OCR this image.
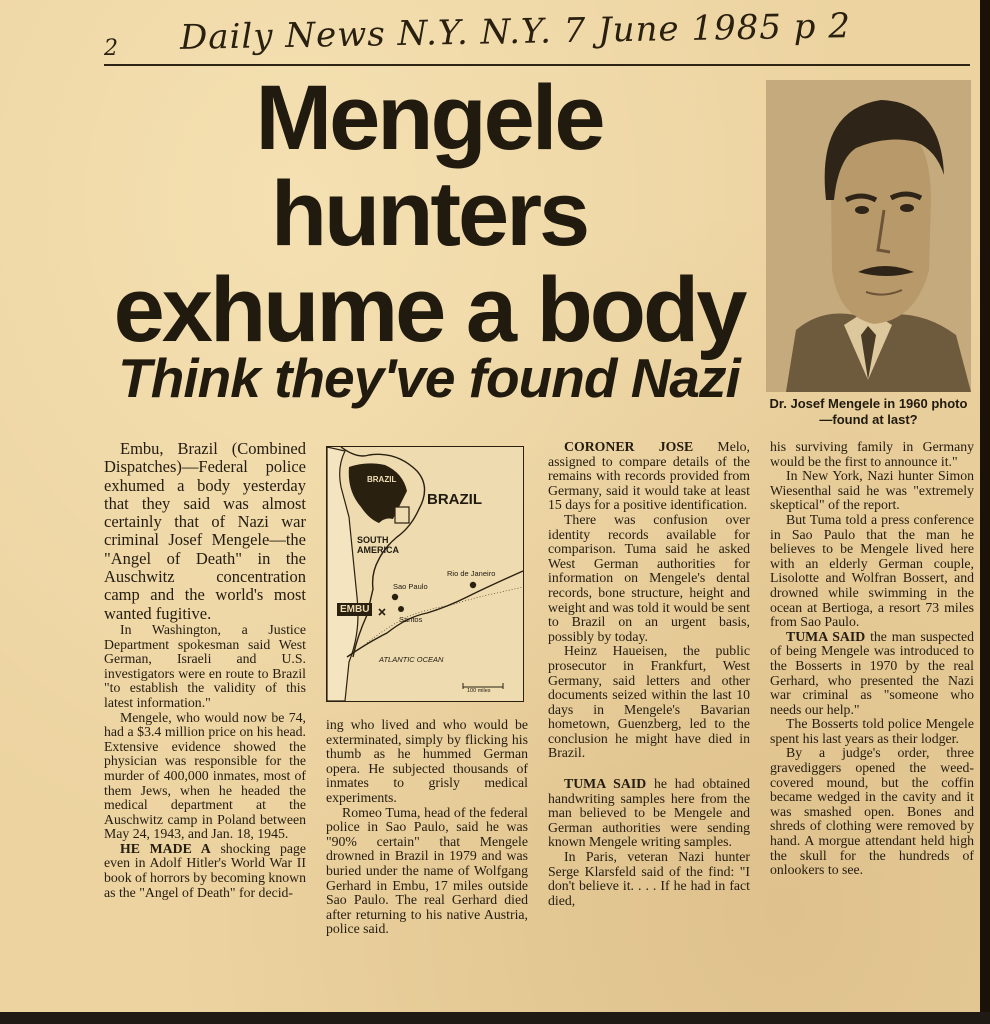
2 Daily News N.Y. N.Y. 7 June 1985 p 2
Mengele hunters
exhume a body
Think they've found Nazi	Dr. Josef Mengele in 1960 photo—found at last?

Embu, Brazil (Combined Dispatches)—Federal police exhumed a body yesterday that they said was almost certainly that of Nazi war criminal Josef Mengele—the "Angel of Death" in the Auschwitz concentration camp and the world's most wanted fugitive.

In Washington, a Justice Department spokesman said West German, Israeli and U.S. investigators were en route to Brazil "to establish the validity of this latest information."

Mengele, who would now be 74, had a $3.4 million price on his head. Extensive evidence showed the physician was responsible for the murder of 400,000 inmates, most of them Jews, when he headed the medical department at the Auschwitz camp in Poland between May 24, 1943, and Jan. 18, 1945.

HE MADE A shocking page even in Adolf Hitler's World War II book of horrors by becoming known as the "Angel of Death" for decid-

BRAZIL
BRAZIL
SOUTH AMERICA
Rio de Janeiro
Sao Paulo
Santos
EMBU
ATLANTIC OCEAN
100 miles

ing who lived and who would be exterminated, simply by flicking his thumb as he hummed German opera. He subjected thousands of inmates to grisly medical experiments.

Romeo Tuma, head of the federal police in Sao Paulo, said he was "90% certain" that Mengele drowned in Brazil in 1979 and was buried under the name of Wolfgang Gerhard in Embu, 17 miles outside Sao Paulo. The real Gerhard died after returning to his native Austria, police said.

CORONER JOSE Melo, assigned to compare details of the remains with records provided from Germany, said it would take at least 15 days for a positive identification.

There was confusion over identity records available for comparison. Tuma said he asked West German authorities for information on Mengele's dental records, bone structure, height and weight and was told it would be sent to Brazil on an urgent basis, possibly by today.

Heinz Haueisen, the public prosecutor in Frankfurt, West Germany, said letters and other documents seized within the last 10 days in Mengele's Bavarian hometown, Guenzberg, led to the conclusion he might have died in Brazil.

TUMA SAID he had obtained handwriting samples here from the man believed to be Mengele and German authorities were sending known Mengele writing samples.

In Paris, veteran Nazi hunter Serge Klarsfeld said of the find: "I don't believe it. . . . If he had in fact died,

his surviving family in Germany would be the first to announce it."

In New York, Nazi hunter Simon Wiesenthal said he was "extremely skeptical" of the report.

But Tuma told a press conference in Sao Paulo that the man he believes to be Mengele lived here with an elderly German couple, Lisolotte and Wolfran Bossert, and drowned while swimming in the ocean at Bertioga, a resort 73 miles from Sao Paulo.

TUMA SAID the man suspected of being Mengele was introduced to the Bosserts in 1970 by the real Gerhard, who presented the Nazi war criminal as "someone who needs our help."

The Bosserts told police Mengele spent his last years as their lodger.

By a judge's order, three gravediggers opened the weed-covered mound, but the coffin became wedged in the cavity and it was smashed open. Bones and shreds of clothing were removed by hand. A morgue attendant held high the skull for the hundreds of onlookers to see.
